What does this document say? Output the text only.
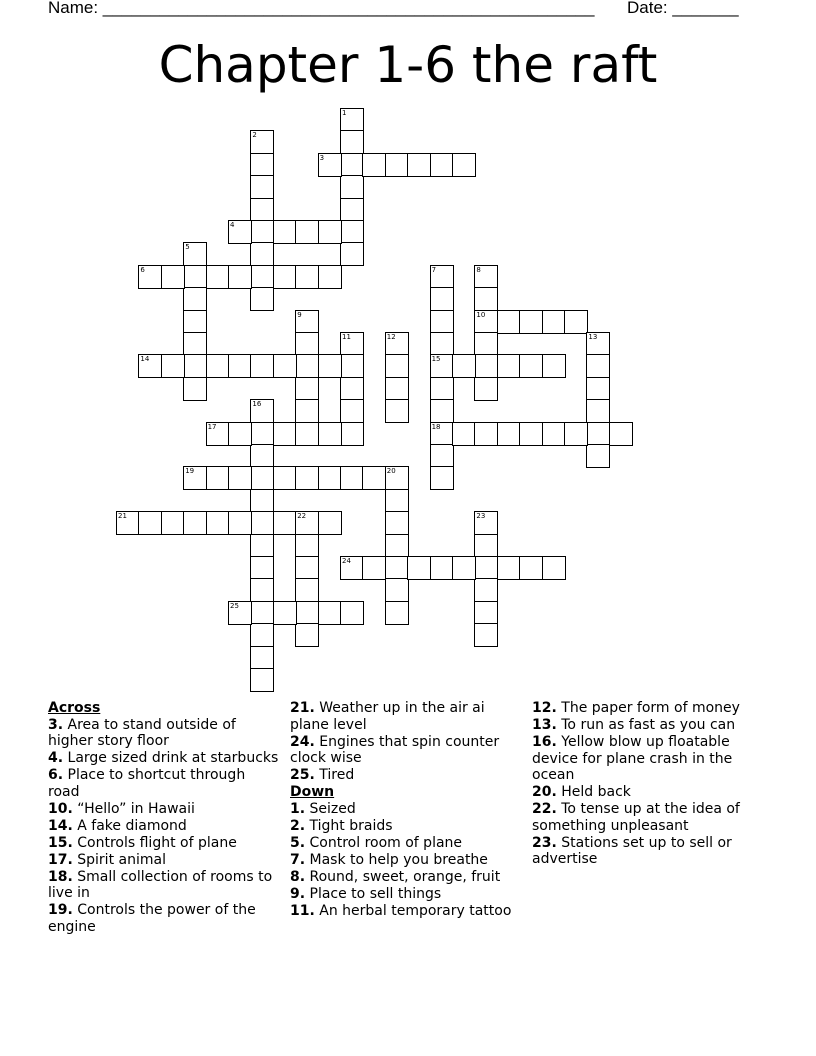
Name: ____________________________________________________ Date: _______
Chapter 1-6 the raft
1
2
3
4
5
6	7
15
18
8
10
9
11	12	13
14
16
17
19	20
21	22	23
24
25
Across
3. Area to stand outside of higher story floor
4. Large sized drink at starbucks
6. Place to shortcut through road
10. “Hello” in Hawaii
14. A fake diamond
15. Controls flight of plane
17. Spirit animal
18. Small collection of rooms to live in
19. Controls the power of the engine
21. Weather up in the air ai plane level
24. Engines that spin counter clock wise
25. Tired
Down
1. Seized
2. Tight braids
5. Control room of plane
7. Mask to help you breathe
8. Round, sweet, orange, fruit
9. Place to sell things
11. An herbal temporary tattoo
12. The paper form of money
13. To run as fast as you can
16. Yellow blow up floatable device for plane crash in the ocean
20. Held back
22. To tense up at the idea of something unpleasant
23. Stations set up to sell or advertise
